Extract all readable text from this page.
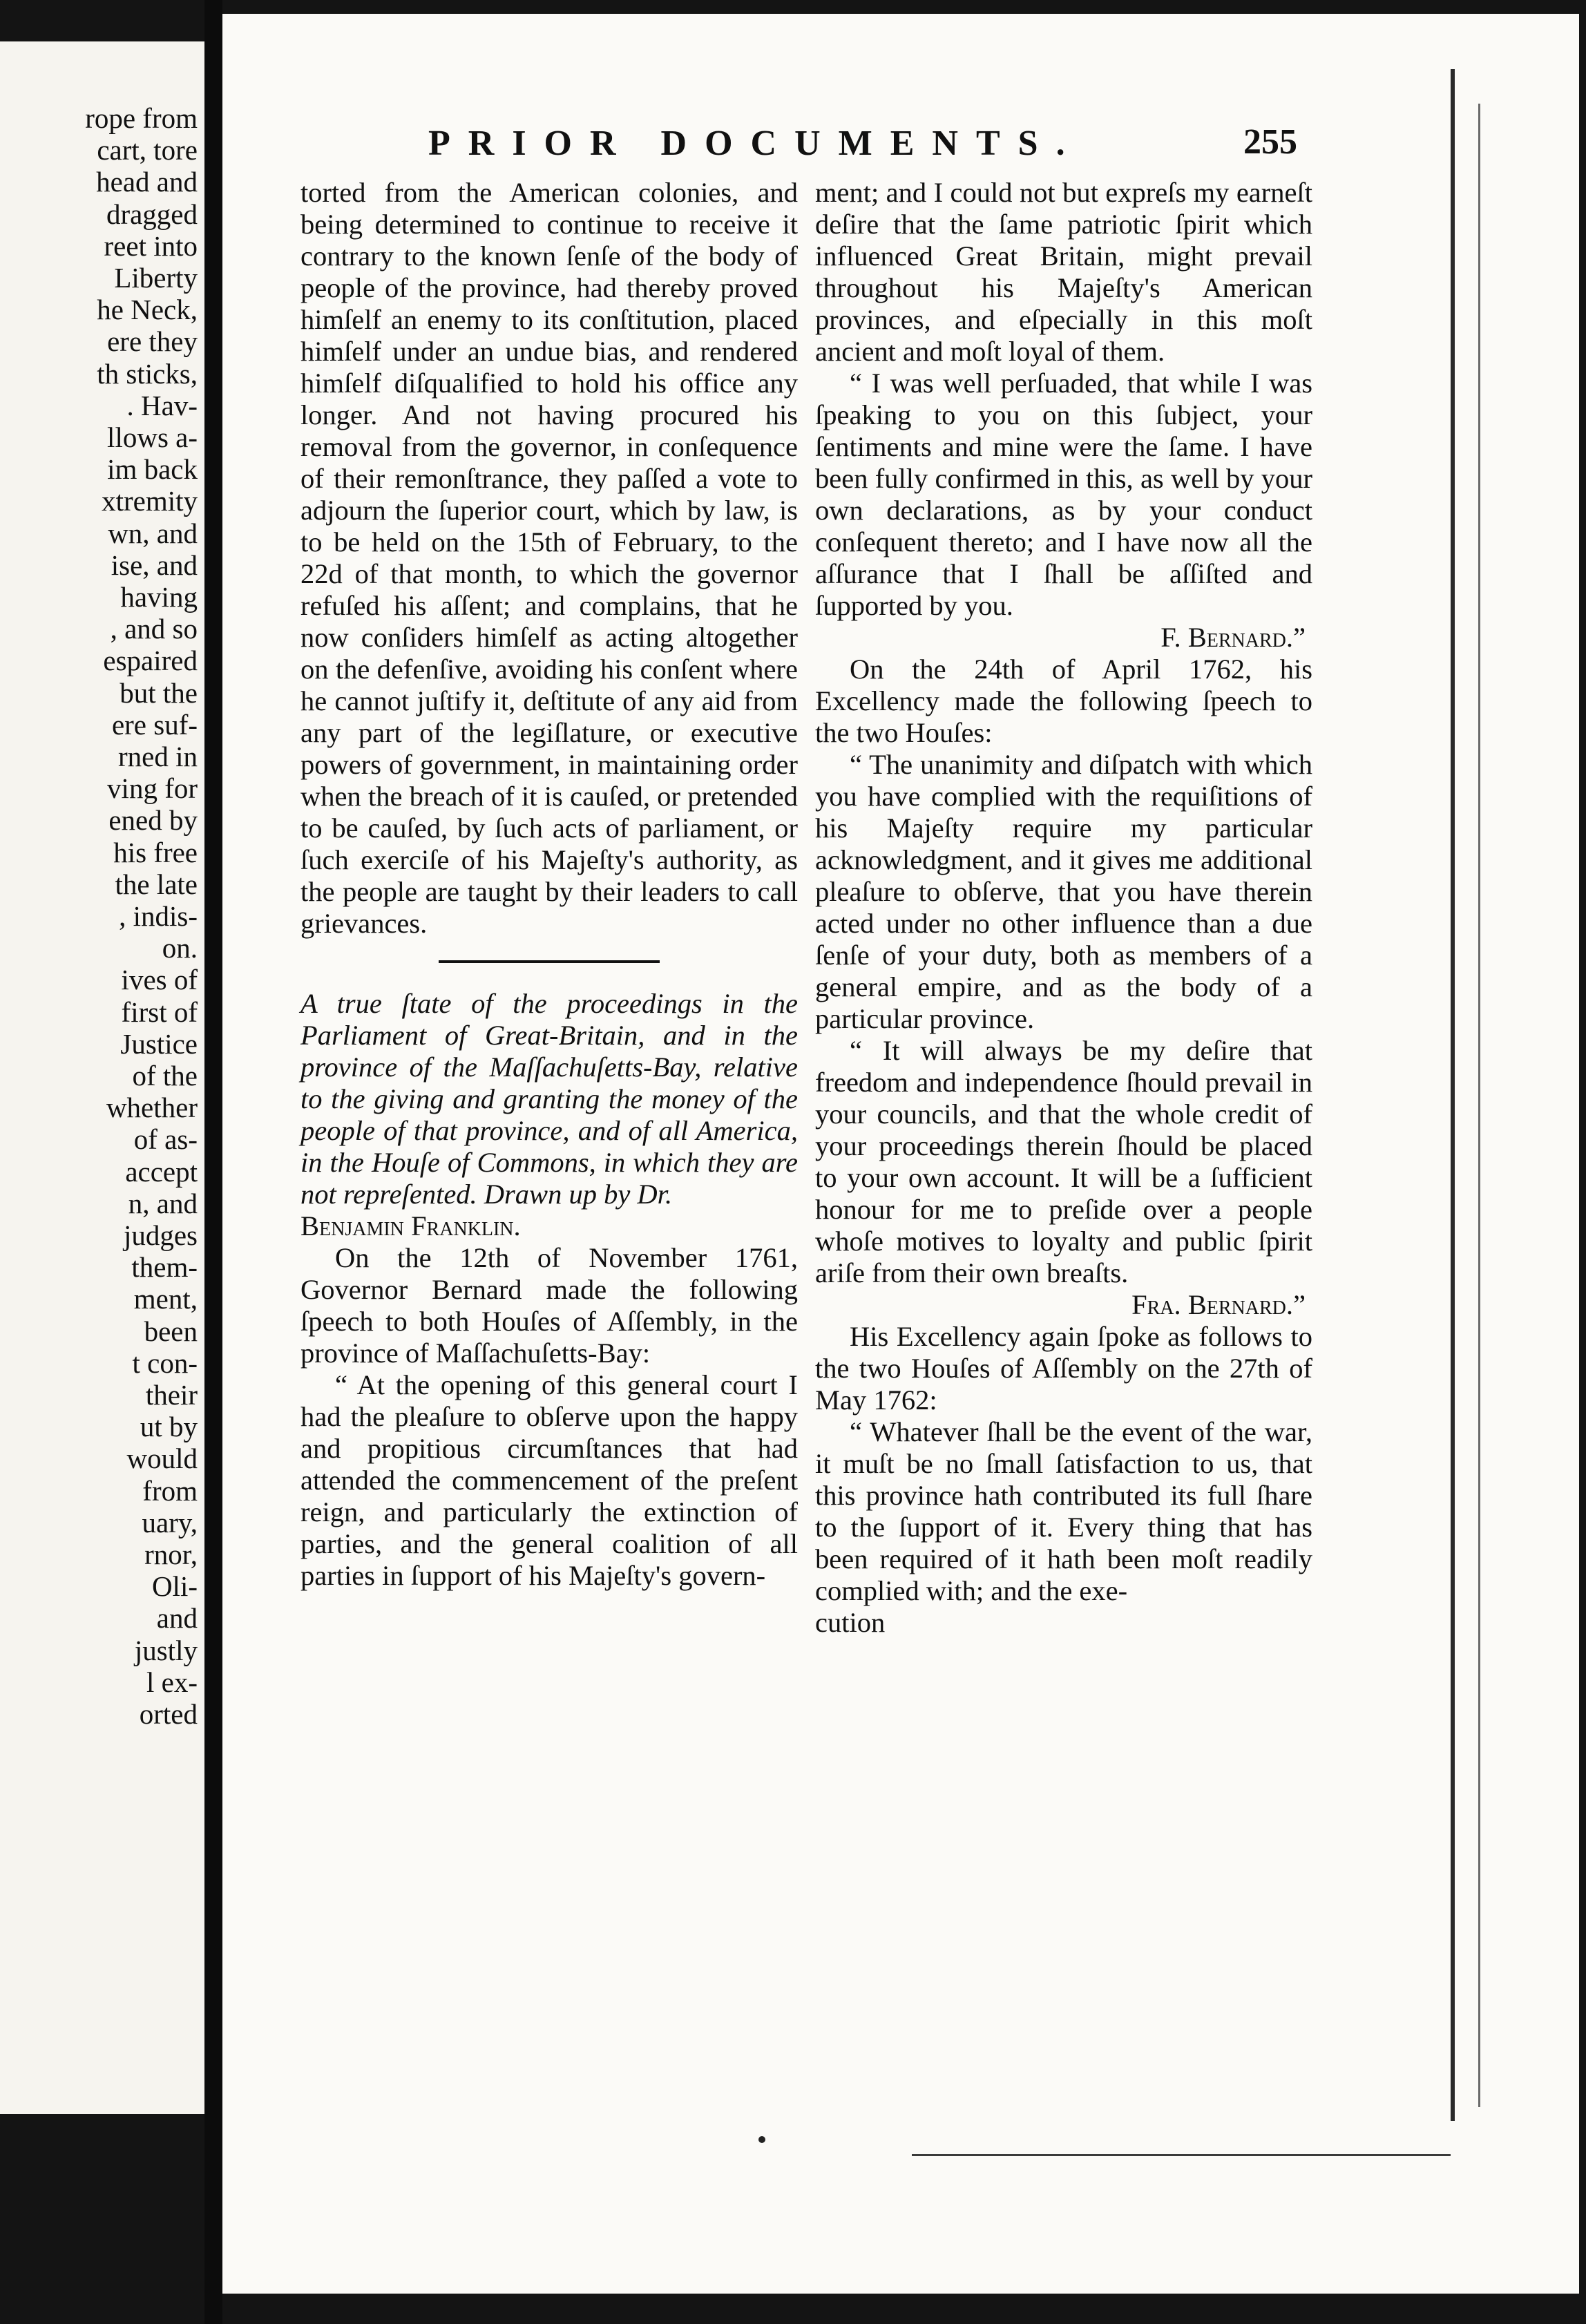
rope from
cart, tore
head and
dragged
reet into
Liberty
he Neck,
ere they
th sticks,
. Hav-
llows a-
im back
xtremity
wn, and
ise, and
having
, and so
espaired
but the
ere suf-
rned in
ving for
ened by
his free
the late
, indis-
on.
ives of
first of
Justice
of the
whether
of as-
accept
n, and
judges
them-
ment,
been
t con-
their
ut by
would
from
uary,
rnor,
Oli-
and
justly
l ex-
orted
PRIOR DOCUMENTS.	255

torted from the American colonies, and being determined to continue to receive it contrary to the known ſenſe of the body of people of the province, had thereby proved himſelf an enemy to its conſtitution, placed himſelf under an undue bias, and rendered himſelf diſqualified to hold his office any longer. And not having procured his removal from the governor, in conſequence of their remonſtrance, they paſſed a vote to adjourn the ſuperior court, which by law, is to be held on the 15th of February, to the 22d of that month, to which the governor refuſed his aſſent; and complains, that he now conſiders himſelf as acting altogether on the defenſive, avoiding his conſent where he cannot juſtify it, deſtitute of any aid from any part of the legiſlature, or executive powers of government, in maintaining order when the breach of it is cauſed, or pretended to be cauſed, by ſuch acts of parliament, or ſuch exerciſe of his Majeſty's authority, as the people are taught by their leaders to call grievances.

A true ſtate of the proceedings in the Parliament of Great-Britain, and in the province of the Maſſachuſetts-Bay, relative to the giving and granting the money of the people of that province, and of all America, in the Houſe of Commons, in which they are not repreſented. Drawn up by Dr.
Benjamin Franklin.

On the 12th of November 1761, Governor Bernard made the following ſpeech to both Houſes of Aſſembly, in the province of Maſſachuſetts-Bay:

“ At the opening of this general court I had the pleaſure to obſerve upon the happy and propitious circumſtances that had attended the commencement of the preſent reign, and particularly the extinction of parties, and the general coalition of all parties in ſupport of his Majeſty's govern-

ment; and I could not but expreſs my earneſt deſire that the ſame patriotic ſpirit which influenced Great Britain, might prevail throughout his Majeſty's American provinces, and eſpecially in this moſt ancient and moſt loyal of them.

“ I was well perſuaded, that while I was ſpeaking to you on this ſubject, your ſentiments and mine were the ſame. I have been fully confirmed in this, as well by your own declarations, as by your conduct conſequent thereto; and I have now all the aſſurance that I ſhall be aſſiſted and ſupported by you.

F. Bernard.”

On the 24th of April 1762, his Excellency made the following ſpeech to the two Houſes:

“ The unanimity and diſpatch with which you have complied with the requiſitions of his Majeſty require my particular acknowledgment, and it gives me additional pleaſure to obſerve, that you have therein acted under no other influence than a due ſenſe of your duty, both as members of a general empire, and as the body of a particular province.

“ It will always be my deſire that freedom and independence ſhould prevail in your councils, and that the whole credit of your proceedings therein ſhould be placed to your own account. It will be a ſufficient honour for me to preſide over a people whoſe motives to loyalty and public ſpirit ariſe from their own breaſts.

Fra. Bernard.”

His Excellency again ſpoke as follows to the two Houſes of Aſſembly on the 27th of May 1762:

“ Whatever ſhall be the event of the war, it muſt be no ſmall ſatisfaction to us, that this province hath contributed its full ſhare to the ſupport of it. Every thing that has been required of it hath been moſt readily complied with; and the exe-

cution
